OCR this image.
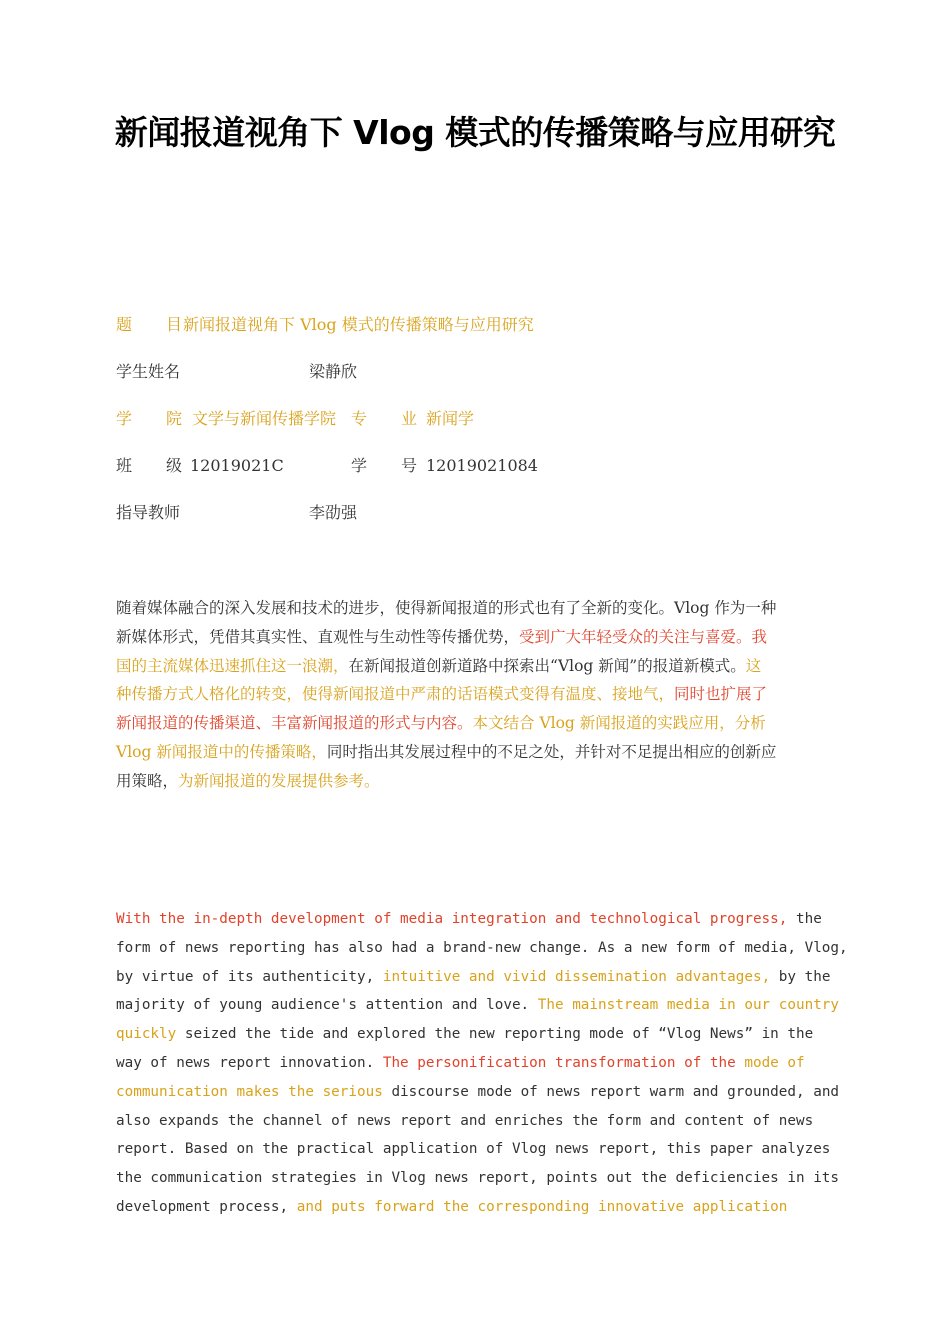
新闻报道视角下 Vlog 模式的传播策略与应用研究
题 目 新闻报道视角下 Vlog 模式的传播策略与应用研究
学生姓名	梁静欣
学 院 文学与新闻传播学院 专 业 新闻学
班 级 12019021C	学 号 12019021084
指导教师	李劭强
随着媒体融合的深入发展和技术的进步，使得新闻报道的形式也有了全新的变化。Vlog 作为一种
新媒体形式，凭借其真实性、直观性与生动性等传播优势，受到广大年轻受众的关注与喜爱。我
国的主流媒体迅速抓住这一浪潮，在新闻报道创新道路中探索出“Vlog 新闻”的报道新模式。这
种传播方式人格化的转变，使得新闻报道中严肃的话语模式变得有温度、接地气，同时也扩展了
新闻报道的传播渠道、丰富新闻报道的形式与内容。本文结合 Vlog 新闻报道的实践应用，分析
Vlog 新闻报道中的传播策略，同时指出其发展过程中的不足之处，并针对不足提出相应的创新应
用策略，为新闻报道的发展提供参考。
With the in-depth development of media integration and technological progress, the
form of news reporting has also had a brand-new change. As a new form of media, Vlog,
by virtue of its authenticity, intuitive and vivid dissemination advantages, by the
majority of young audience's attention and love. The mainstream media in our country
quickly seized the tide and explored the new reporting mode of “Vlog News” in the
way of news report innovation. The personification transformation of the mode of
communication makes the serious discourse mode of news report warm and grounded, and
also expands the channel of news report and enriches the form and content of news
report. Based on the practical application of Vlog news report, this paper analyzes
the communication strategies in Vlog news report, points out the deficiencies in its
development process, and puts forward the corresponding innovative application
